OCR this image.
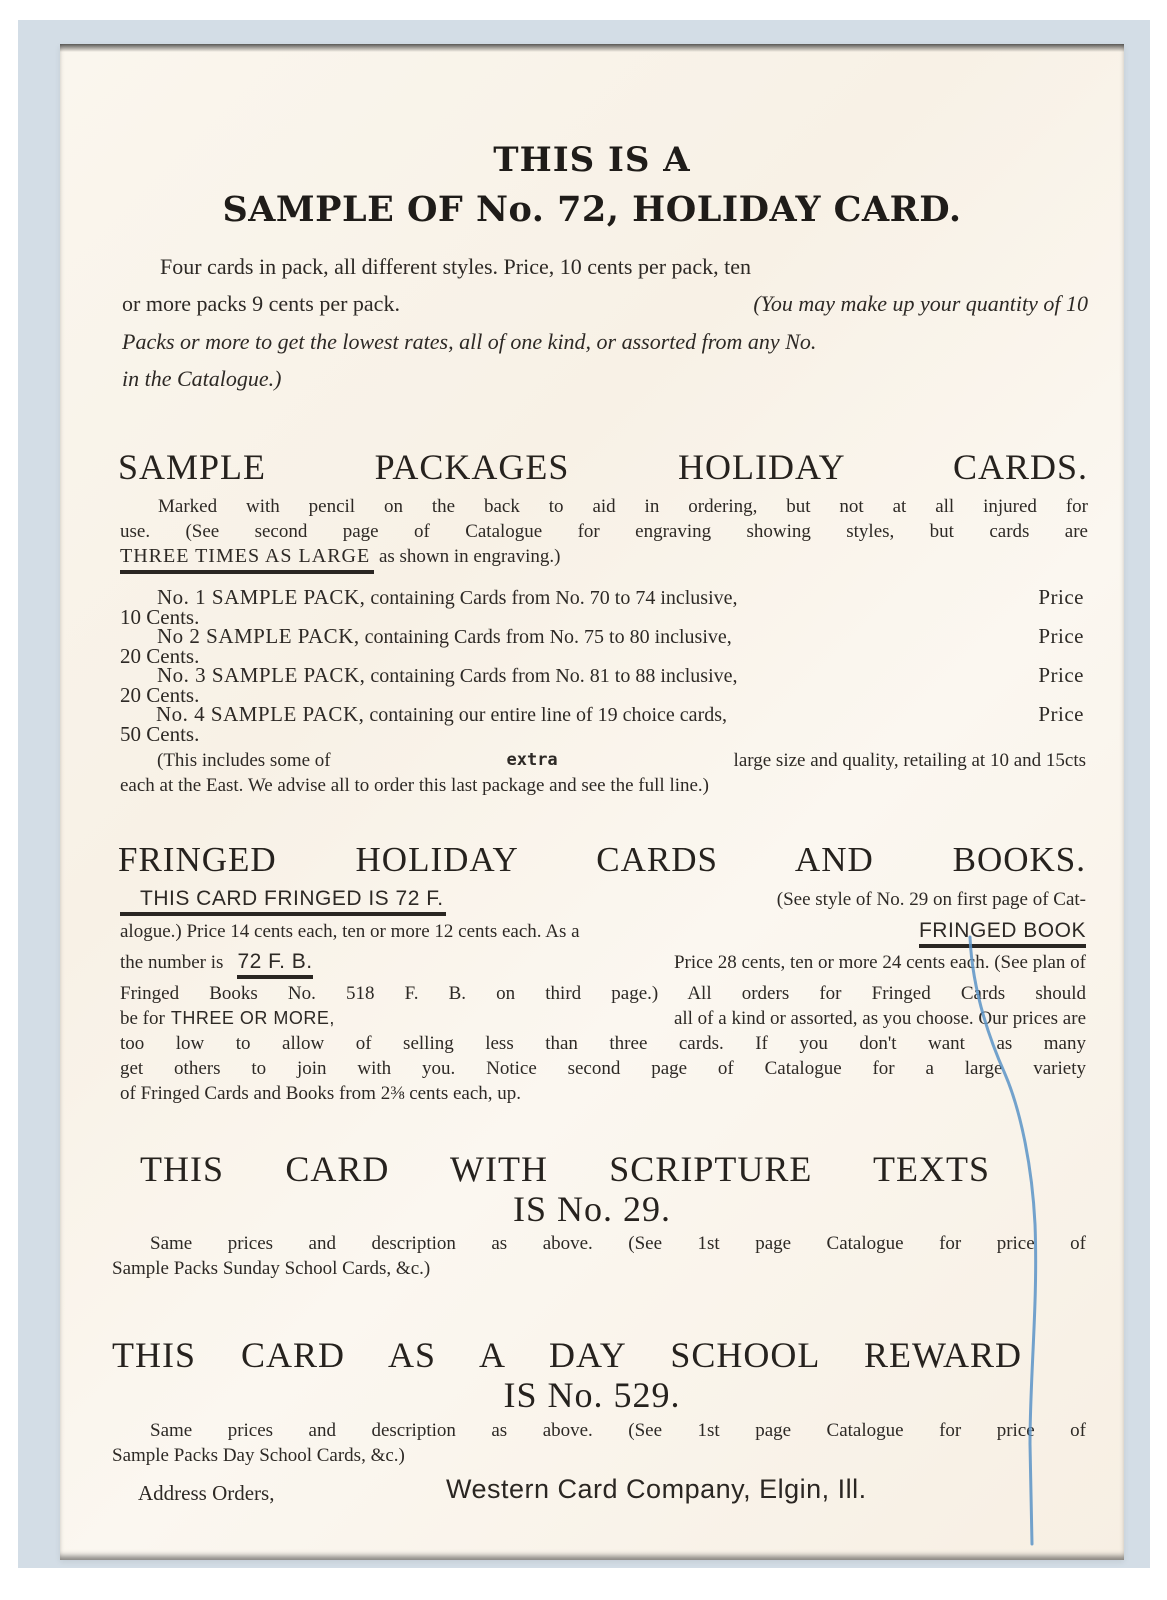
THIS IS A
SAMPLE OF No. 72, HOLIDAY CARD.
Four cards in pack, all different styles. Price, 10 cents per pack, ten
or more packs 9 cents per pack.	(You may make up your quantity of 10
Packs or more to get the lowest rates, all of one kind, or assorted from any No.
in the Catalogue.)
SAMPLE PACKAGES HOLIDAY CARDS.
Marked with pencil on the back to aid in ordering, but not at all injured for
use. (See second page of Catalogue for engraving showing styles, but cards are
THREE TIMES AS LARGE as shown in engraving.)
No. 1 SAMPLE PACK, containing Cards from No. 70 to 74 inclusive,	Price
10 Cents.
No 2 SAMPLE PACK, containing Cards from No. 75 to 80 inclusive,	Price
20 Cents.
No. 3 SAMPLE PACK, containing Cards from No. 81 to 88 inclusive,	Price
20 Cents.
No. 4 SAMPLE PACK, containing our entire line of 19 choice cards,	Price
50 Cents.
(This includes some of	extra	large size and quality, retailing at 10 and 15cts
each at the East. We advise all to order this last package and see the full line.)
FRINGED HOLIDAY CARDS AND BOOKS.
THIS CARD FRINGED IS 72 F.	(See style of No. 29 on first page of Cat-
alogue.) Price 14 cents each, ten or more 12 cents each. As a	FRINGED BOOK
the number is 72 F. B.	Price 28 cents, ten or more 24 cents each. (See plan of
Fringed Books No. 518 F. B. on third page.) All orders for Fringed Cards should
be for THREE OR MORE,	all of a kind or assorted, as you choose. Our prices are
too low to allow of selling less than three cards. If you don't want as many
get others to join with you. Notice second page of Catalogue for a large variety
of Fringed Cards and Books from 2⅜ cents each, up.
THIS CARD WITH SCRIPTURE TEXTS
IS No. 29.
Same prices and description as above. (See 1st page Catalogue for price of
Sample Packs Sunday School Cards, &c.)
THIS CARD AS A DAY SCHOOL REWARD
IS No. 529.
Same prices and description as above. (See 1st page Catalogue for price of
Sample Packs Day School Cards, &c.)
Address Orders,	Western Card Company, Elgin, Ill.
